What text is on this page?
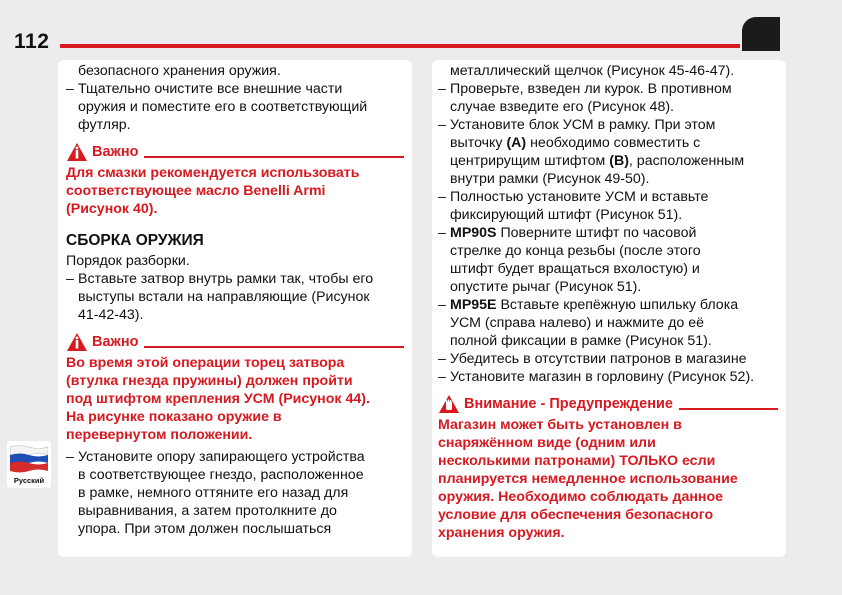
112

безопасного хранения оружия.

– Тщательно очистите все внешние части

оружия и поместите его в соответствующий

футляр.

Важно

Для смазки рекомендуется использовать

соответствующее масло Benelli Armi

(Рисунок 40).

СБОРКА ОРУЖИЯ

Порядок разборки.

– Вставьте затвор внутрь рамки так, чтобы его

выступы встали на направляющие (Рисунок

41-42-43).

Важно

Во время этой операции торец затвора

(втулка гнезда пружины) должен пройти

под штифтом крепления УСМ (Рисунок 44).

На рисунке показано оружие в

перевернутом положении.

– Установите опору запирающего устройства

в соответствующее гнездо, расположенное

в рамке, немного оттяните его назад для

выравнивания, а затем протолкните до

упора. При этом должен послышаться

металлический щелчок (Рисунок 45-46-47).

– Проверьте, взведен ли курок. В противном

случае взведите его (Рисунок 48).

– Установите блок УСМ в рамку. При этом

выточку (A) необходимо совместить с

центрирущим штифтом (B), расположенным

внутри рамки (Рисунок 49-50).

– Полностью установите УСМ и вставьте

фиксирующий штифт (Рисунок 51).

– MP90S Поверните штифт по часовой

стрелке до конца резьбы (после этого

штифт будет вращаться вхолостую) и

опустите рычаг (Рисунок 51).

– MP95E Вставьте крепёжную шпильку блока

УСМ (справа налево) и нажмите до её

полной фиксации в рамке (Рисунок 51).

– Убедитесь в отсутствии патронов в магазине

– Установите магазин в горловину (Рисунок 52).

Внимание - Предупреждение

Магазин может быть установлен в

снаряжённом виде (одним или

несколькими патронами) ТОЛЬКО если

планируется немедленное использование

оружия. Необходимо соблюдать данное

условие для обеспечения безопасного

хранения оружия.

Русский
